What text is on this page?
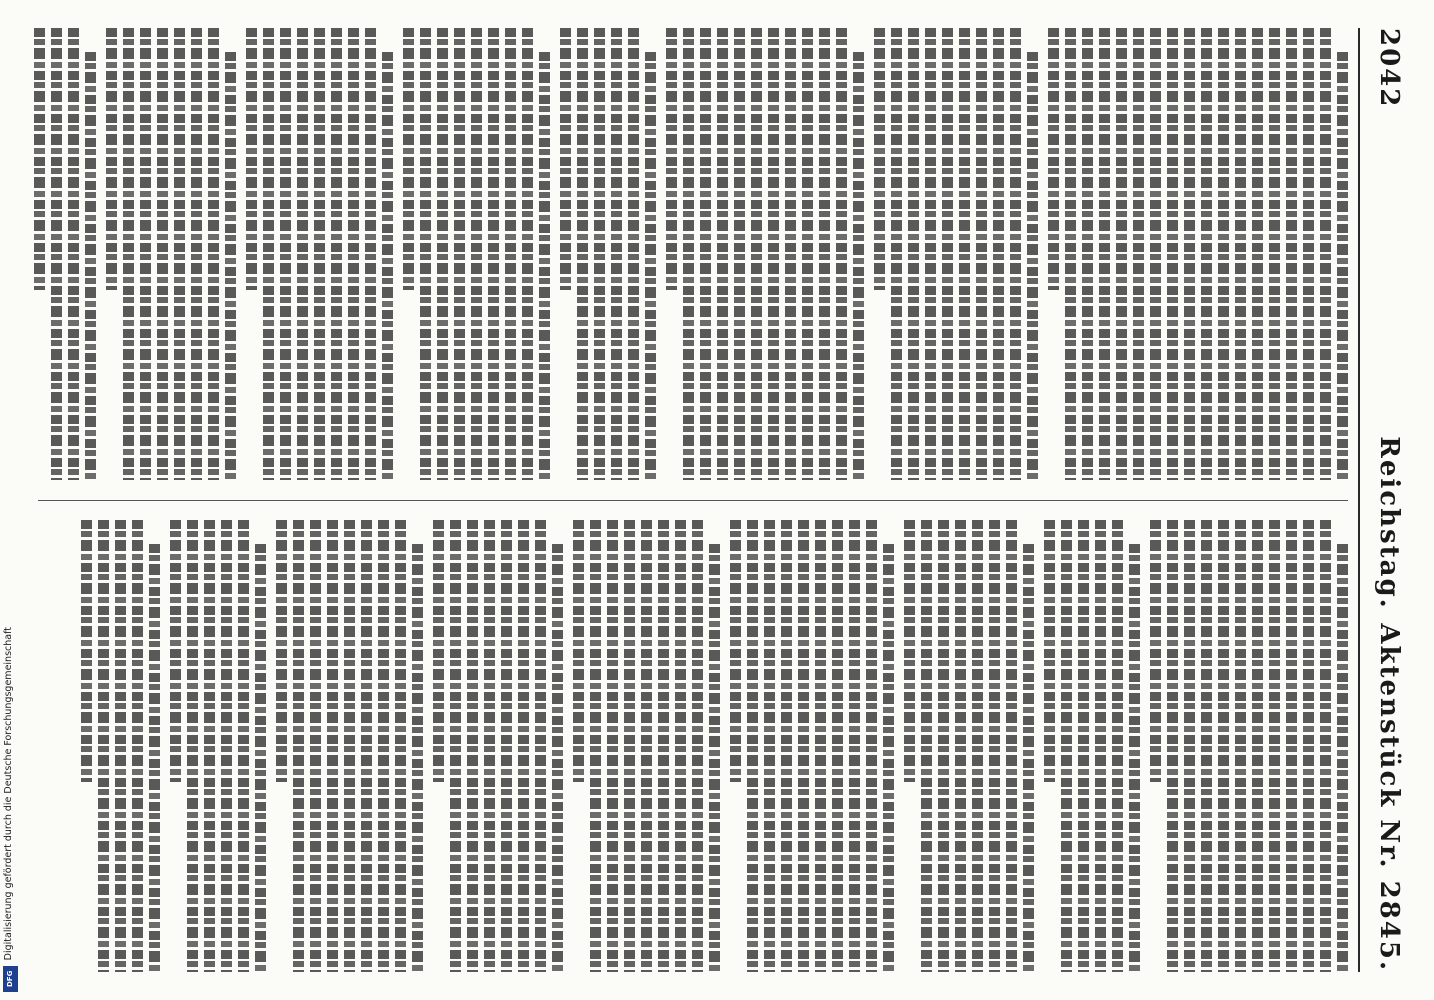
Digitalisierung gefördert durch die Deutsche Forschungsgemeinschaft
DFG
2042
Reichstag.
Aktenstück Nr. 2845.
